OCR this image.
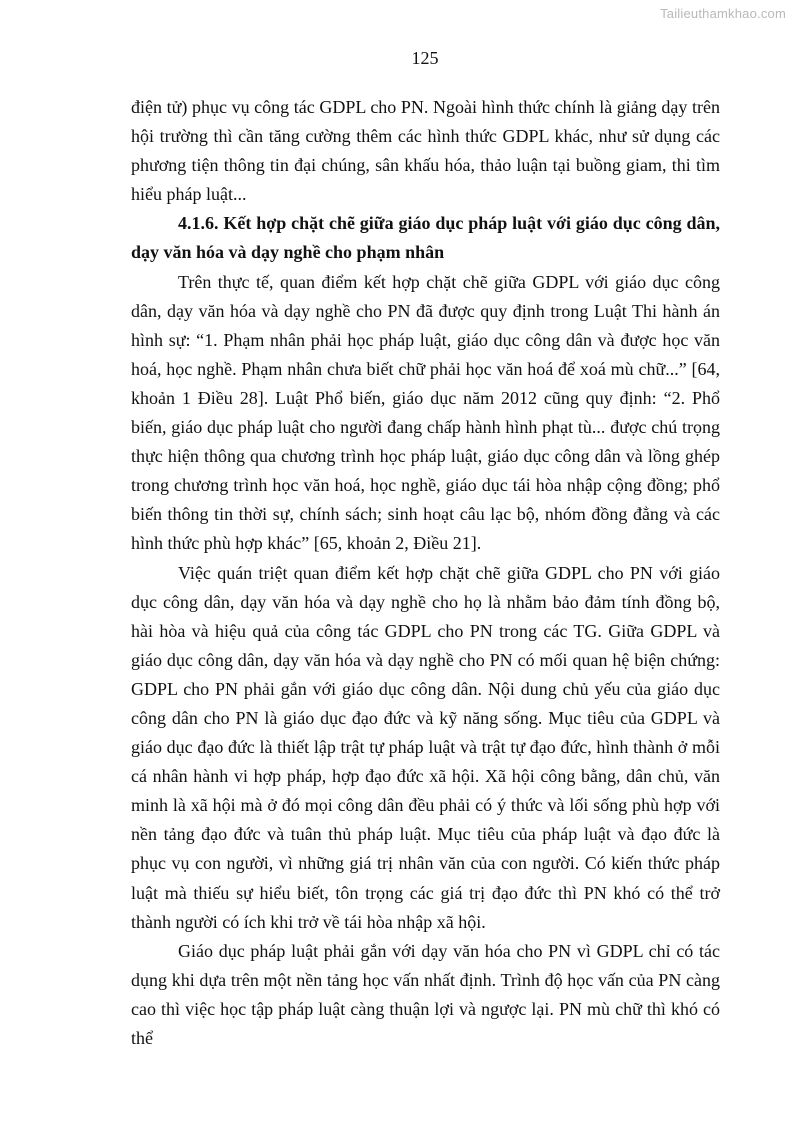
Tailieuthamkhao.com
125

điện tử) phục vụ công tác GDPL cho PN. Ngoài hình thức chính là giảng dạy trên hội trường thì cần tăng cường thêm các hình thức GDPL khác, như sử dụng các phương tiện thông tin đại chúng, sân khấu hóa, thảo luận tại buồng giam, thi tìm hiểu pháp luật...

4.1.6. Kết hợp chặt chẽ giữa giáo dục pháp luật với giáo dục công dân, dạy văn hóa và dạy nghề cho phạm nhân

Trên thực tế, quan điểm kết hợp chặt chẽ giữa GDPL với giáo dục công dân, dạy văn hóa và dạy nghề cho PN đã được quy định trong Luật Thi hành án hình sự: “1. Phạm nhân phải học pháp luật, giáo dục công dân và được học văn hoá, học nghề. Phạm nhân chưa biết chữ phải học văn hoá để xoá mù chữ...” [64, khoản 1 Điều 28]. Luật Phổ biến, giáo dục năm 2012 cũng quy định: “2. Phổ biến, giáo dục pháp luật cho người đang chấp hành hình phạt tù... được chú trọng thực hiện thông qua chương trình học pháp luật, giáo dục công dân và lồng ghép trong chương trình học văn hoá, học nghề, giáo dục tái hòa nhập cộng đồng; phổ biến thông tin thời sự, chính sách; sinh hoạt câu lạc bộ, nhóm đồng đẳng và các hình thức phù hợp khác” [65, khoản 2, Điều 21].

Việc quán triệt quan điểm kết hợp chặt chẽ giữa GDPL cho PN với giáo dục công dân, dạy văn hóa và dạy nghề cho họ là nhằm bảo đảm tính đồng bộ, hài hòa và hiệu quả của công tác GDPL cho PN trong các TG. Giữa GDPL và giáo dục công dân, dạy văn hóa và dạy nghề cho PN có mối quan hệ biện chứng: GDPL cho PN phải gắn với giáo dục công dân. Nội dung chủ yếu của giáo dục công dân cho PN là giáo dục đạo đức và kỹ năng sống. Mục tiêu của GDPL và giáo dục đạo đức là thiết lập trật tự pháp luật và trật tự đạo đức, hình thành ở mỗi cá nhân hành vi hợp pháp, hợp đạo đức xã hội. Xã hội công bằng, dân chủ, văn minh là xã hội mà ở đó mọi công dân đều phải có ý thức và lối sống phù hợp với nền tảng đạo đức và tuân thủ pháp luật. Mục tiêu của pháp luật và đạo đức là phục vụ con người, vì những giá trị nhân văn của con người. Có kiến thức pháp luật mà thiếu sự hiểu biết, tôn trọng các giá trị đạo đức thì PN khó có thể trở thành người có ích khi trở về tái hòa nhập xã hội.

Giáo dục pháp luật phải gắn với dạy văn hóa cho PN vì GDPL chỉ có tác dụng khi dựa trên một nền tảng học vấn nhất định. Trình độ học vấn của PN càng cao thì việc học tập pháp luật càng thuận lợi và ngược lại. PN mù chữ thì khó có thể
